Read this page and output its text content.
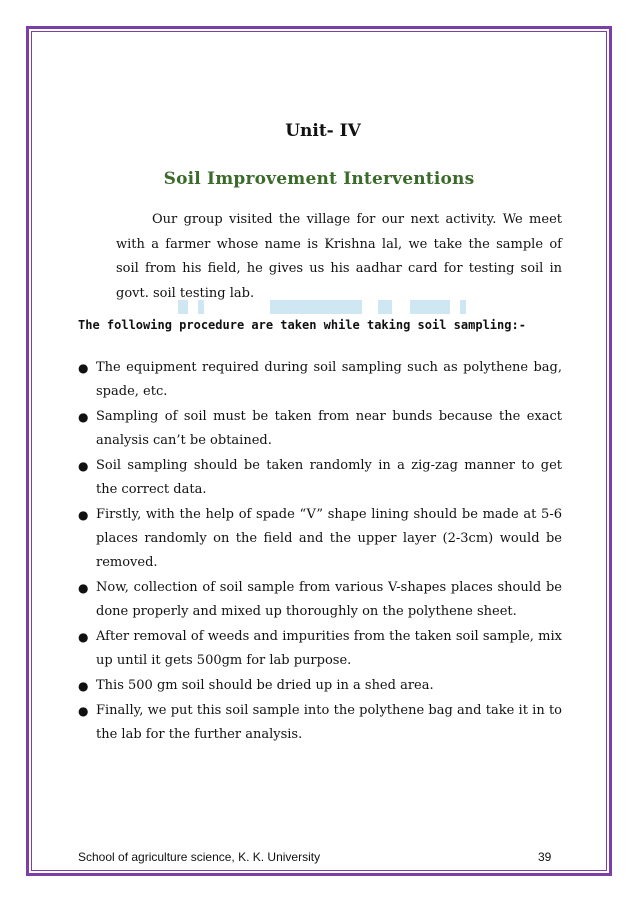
Unit- IV
Soil Improvement Interventions

Our group visited the village for our next activity. We meet with a farmer whose name is Krishna lal, we take the sample of soil from his field, he gives us his aadhar card for testing soil in govt. soil testing lab.

The following procedure are taken while taking soil sampling:-
● The equipment required during soil sampling such as polythene bag, spade, etc.
● Sampling of soil must be taken from near bunds because the exact analysis can’t be obtained.
● Soil sampling should be taken randomly in a zig-zag manner to get the correct data.
● Firstly, with the help of spade “V” shape lining should be made at 5-6 places randomly on the field and the upper layer (2-3cm) would be removed.
● Now, collection of soil sample from various V-shapes places should be done properly and mixed up thoroughly on the polythene sheet.
● After removal of weeds and impurities from the taken soil sample, mix up until it gets 500gm for lab purpose.
● This 500 gm soil should be dried up in a shed area.
● Finally, we put this soil sample into the polythene bag and take it in to the lab for the further analysis.
School of agriculture science, K. K. University	39
